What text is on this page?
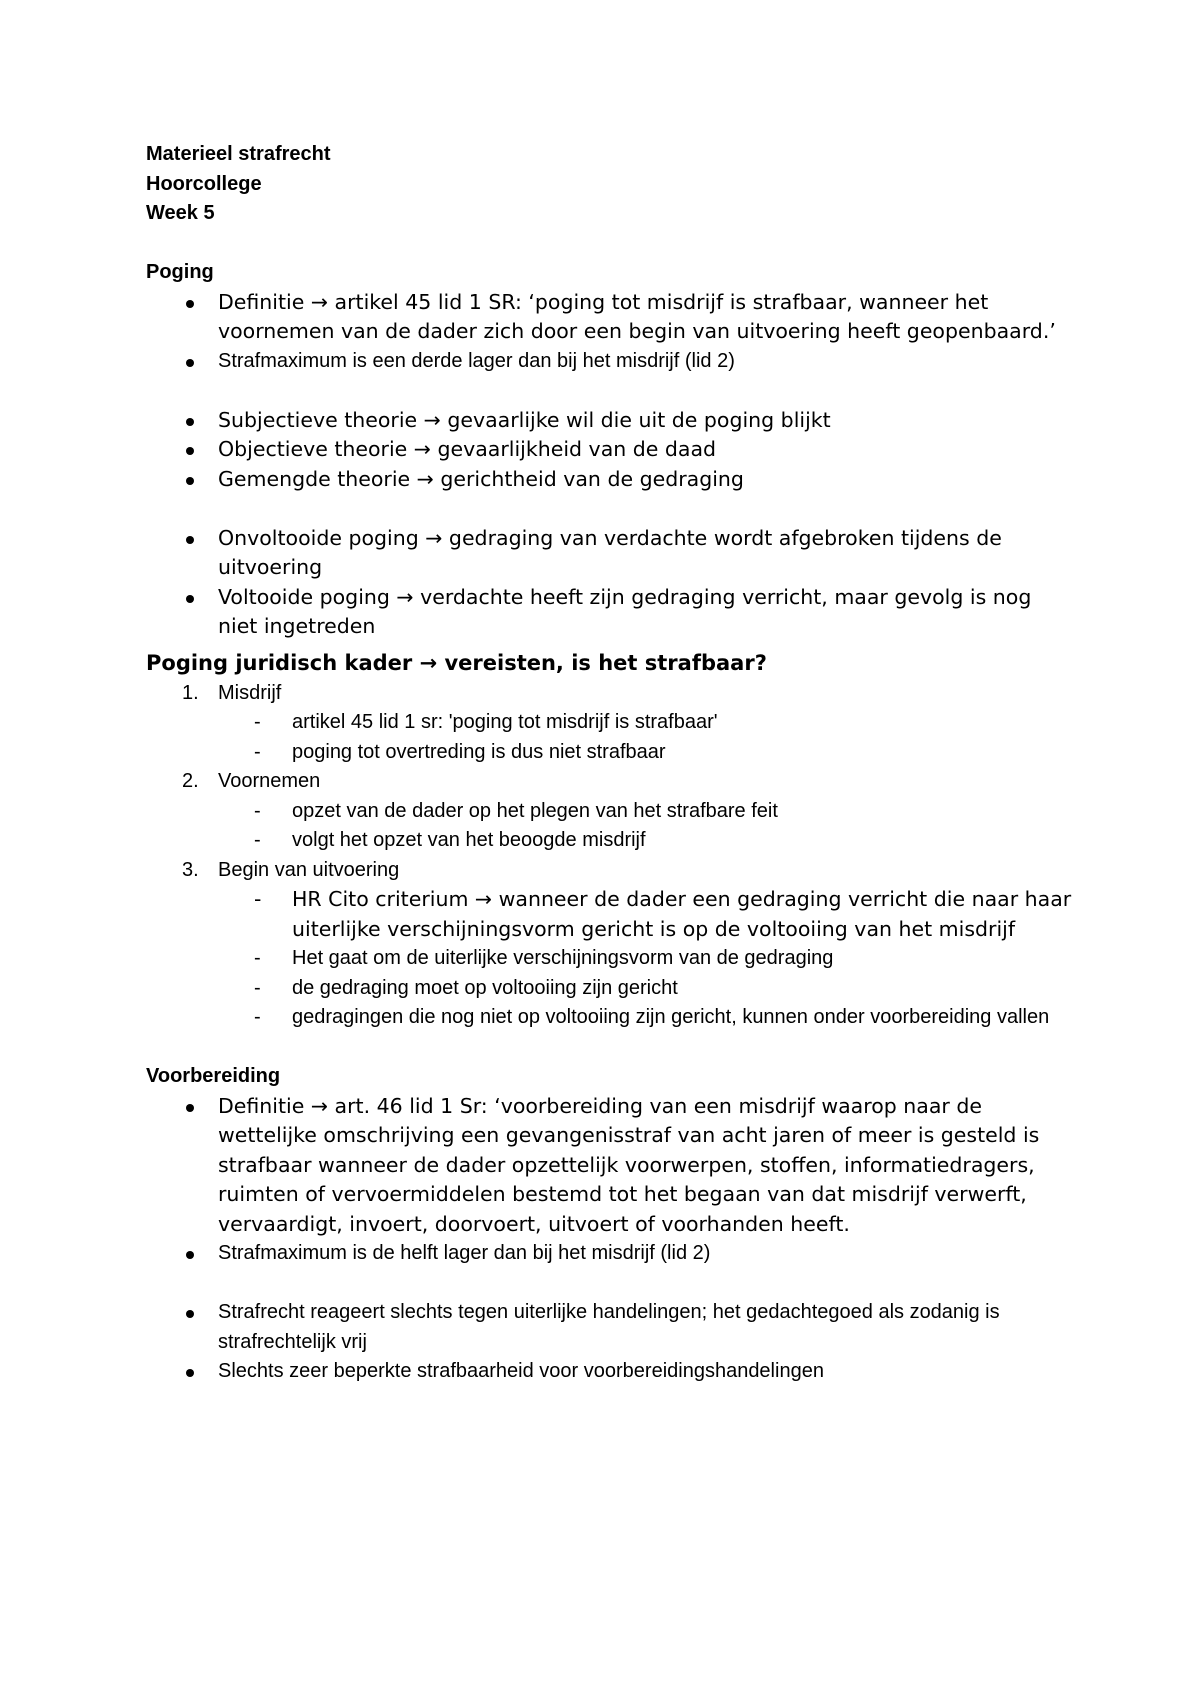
Materieel strafrecht
Hoorcollege
Week 5
Poging
Definitie → artikel 45 lid 1 SR: ‘poging tot misdrijf is strafbaar, wanneer het voornemen van de dader zich door een begin van uitvoering heeft geopenbaard.’
Strafmaximum is een derde lager dan bij het misdrijf (lid 2)
Subjectieve theorie → gevaarlijke wil die uit de poging blijkt
Objectieve theorie → gevaarlijkheid van de daad
Gemengde theorie → gerichtheid van de gedraging
Onvoltooide poging → gedraging van verdachte wordt afgebroken tijdens de uitvoering
Voltooide poging → verdachte heeft zijn gedraging verricht, maar gevolg is nog niet ingetreden
Poging juridisch kader → vereisten, is het strafbaar?
1. Misdrijf
- artikel 45 lid 1 sr: 'poging tot misdrijf is strafbaar'
- poging tot overtreding is dus niet strafbaar
2. Voornemen
- opzet van de dader op het plegen van het strafbare feit
- volgt het opzet van het beoogde misdrijf
3. Begin van uitvoering
- HR Cito criterium → wanneer de dader een gedraging verricht die naar haar uiterlijke verschijningsvorm gericht is op de voltooiing van het misdrijf
- Het gaat om de uiterlijke verschijningsvorm van de gedraging
- de gedraging moet op voltooiing zijn gericht
- gedragingen die nog niet op voltooiing zijn gericht, kunnen onder voorbereiding vallen
Voorbereiding
Definitie → art. 46 lid 1 Sr: ‘voorbereiding van een misdrijf waarop naar de wettelijke omschrijving een gevangenisstraf van acht jaren of meer is gesteld is strafbaar wanneer de dader opzettelijk voorwerpen, stoffen, informatiedragers, ruimten of vervoermiddelen bestemd tot het begaan van dat misdrijf verwerft, vervaardigt, invoert, doorvoert, uitvoert of voorhanden heeft.
Strafmaximum is de helft lager dan bij het misdrijf (lid 2)
Strafrecht reageert slechts tegen uiterlijke handelingen; het gedachtegoed als zodanig is strafrechtelijk vrij
Slechts zeer beperkte strafbaarheid voor voorbereidingshandelingen
